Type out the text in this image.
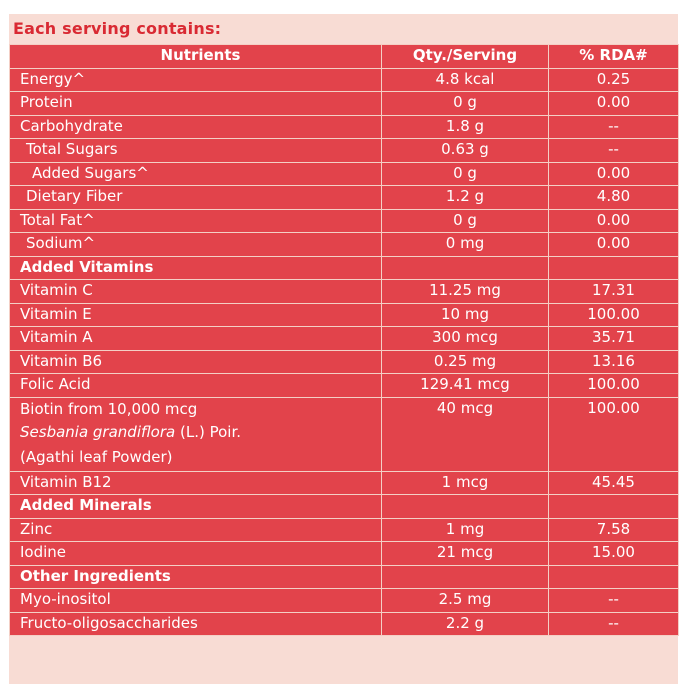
Each serving contains:
Nutrients	Qty./Serving	% RDA#
Energy^	4.8 kcal	0.25
Protein	0 g	0.00
Carbohydrate	1.8 g	--
Total Sugars	0.63 g	--
Added Sugars^	0 g	0.00
Dietary Fiber	1.2 g	4.80
Total Fat^	0 g	0.00
Sodium^	0 mg	0.00
Added Vitamins		
Vitamin C	11.25 mg	17.31
Vitamin E	10 mg	100.00
Vitamin A	300 mcg	35.71
Vitamin B6	0.25 mg	13.16
Folic Acid	129.41 mcg	100.00

Biotin from 10,000 mcg
Sesbania grandiflora (L.) Poir.
(Agathi leaf Powder)	40 mcg	100.00
Vitamin B12	1 mcg	45.45
Added Minerals		
Zinc	1 mg	7.58
Iodine	21 mcg	15.00
Other Ingredients		
Myo-inositol	2.5 mg	--
Fructo-oligosaccharides	2.2 g	--
